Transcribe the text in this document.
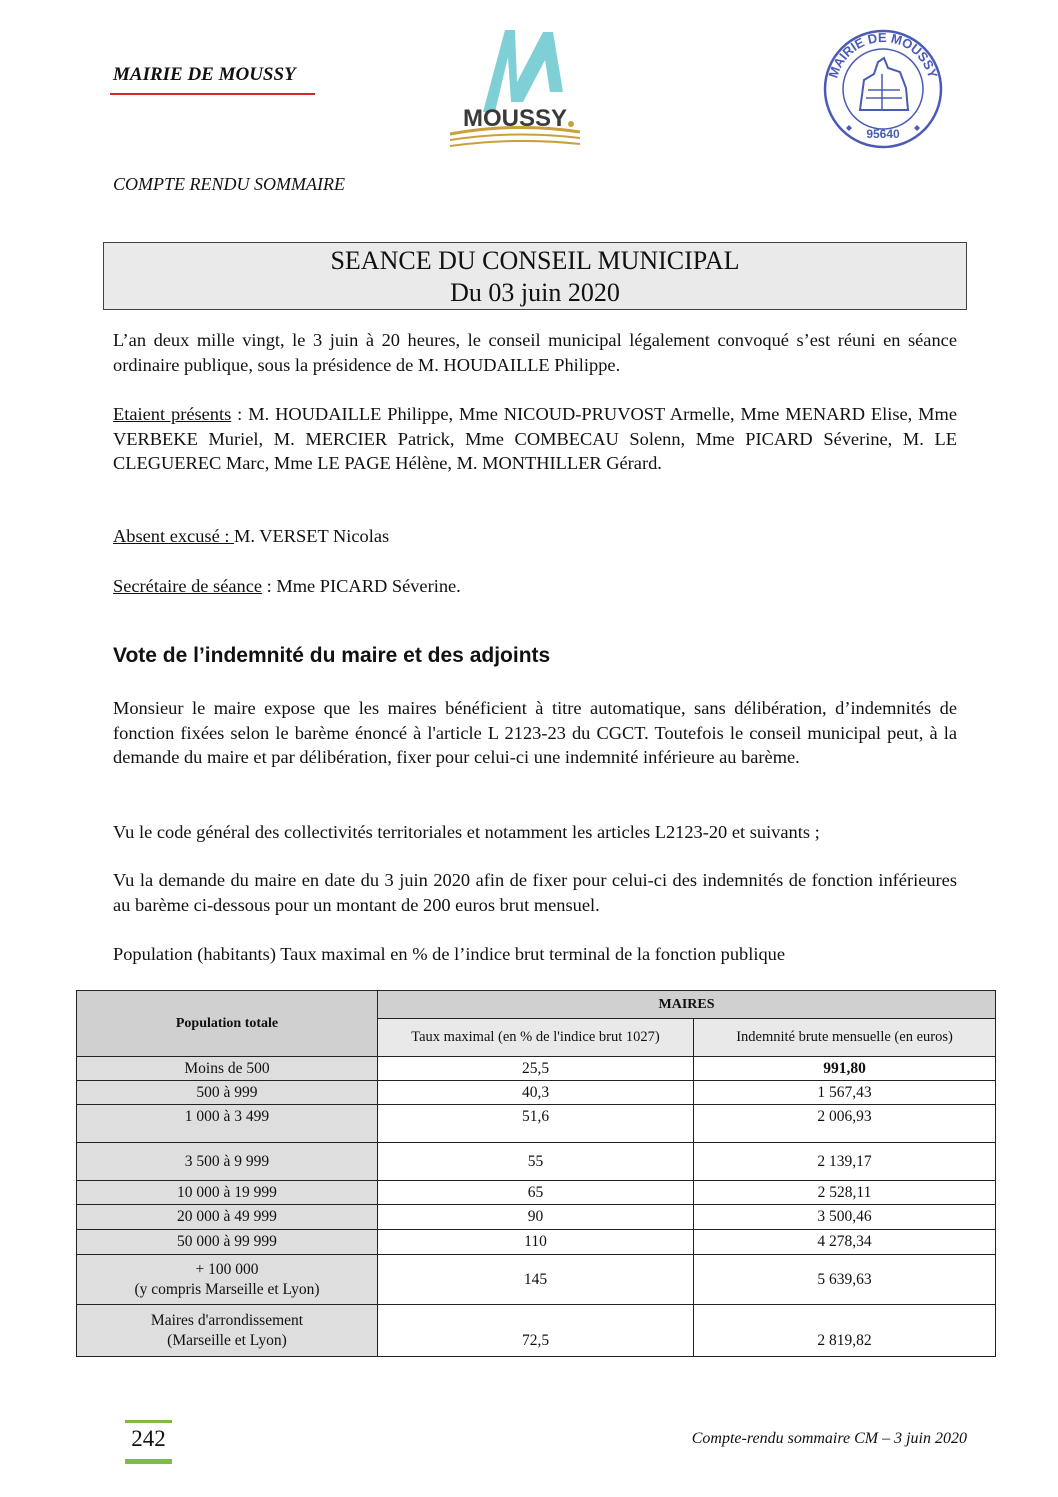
MAIRIE DE MOUSSY
MOUSSY
MAIRIE DE MOUSSY
95640
COMPTE RENDU SOMMAIRE
SEANCE DU CONSEIL MUNICIPAL
Du 03 juin 2020
L’an deux mille vingt, le 3 juin à 20 heures, le conseil municipal légalement convoqué s’est réuni en séance ordinaire publique, sous la présidence de M. HOUDAILLE Philippe.
Etaient présents : M. HOUDAILLE Philippe, Mme NICOUD-PRUVOST Armelle, Mme MENARD Elise, Mme VERBEKE Muriel, M. MERCIER Patrick, Mme COMBECAU Solenn, Mme PICARD Séverine, M. LE CLEGUEREC Marc, Mme LE PAGE Hélène, M. MONTHILLER Gérard.
Absent excusé : M. VERSET Nicolas
Secrétaire de séance : Mme PICARD Séverine.
Vote de l’indemnité du maire et des adjoints
Monsieur le maire expose que les maires bénéficient à titre automatique, sans délibération, d’indemnités de fonction fixées selon le barème énoncé à l'article L 2123-23 du CGCT. Toutefois le conseil municipal peut, à la demande du maire et par délibération, fixer pour celui-ci une indemnité inférieure au barème.
Vu le code général des collectivités territoriales et notamment les articles L2123-20 et suivants ;
Vu la demande du maire en date du 3 juin 2020 afin de fixer pour celui-ci des indemnités de fonction inférieures au barème ci-dessous pour un montant de 200 euros brut mensuel.
Population (habitants) Taux maximal en % de l’indice brut terminal de la fonction publique
Population totale	MAIRES	
	Taux maximal (en % de l'indice brut 1027)	Indemnité brute mensuelle (en euros)
Moins de 500	25,5	991,80
500 à 999	40,3	1 567,43
1 000 à 3 499	51,6	2 006,93
3 500 à 9 999	55	2 139,17
10 000 à 19 999	65	2 528,11
20 000 à 49 999	90	3 500,46
50 000 à 99 999	110	4 278,34

+ 100 000
(y compris Marseille et Lyon)	145	5 639,63

Maires d'arrondissement
(Marseille et Lyon)	72,5	2 819,82
242	Compte-rendu sommaire CM – 3 juin 2020
